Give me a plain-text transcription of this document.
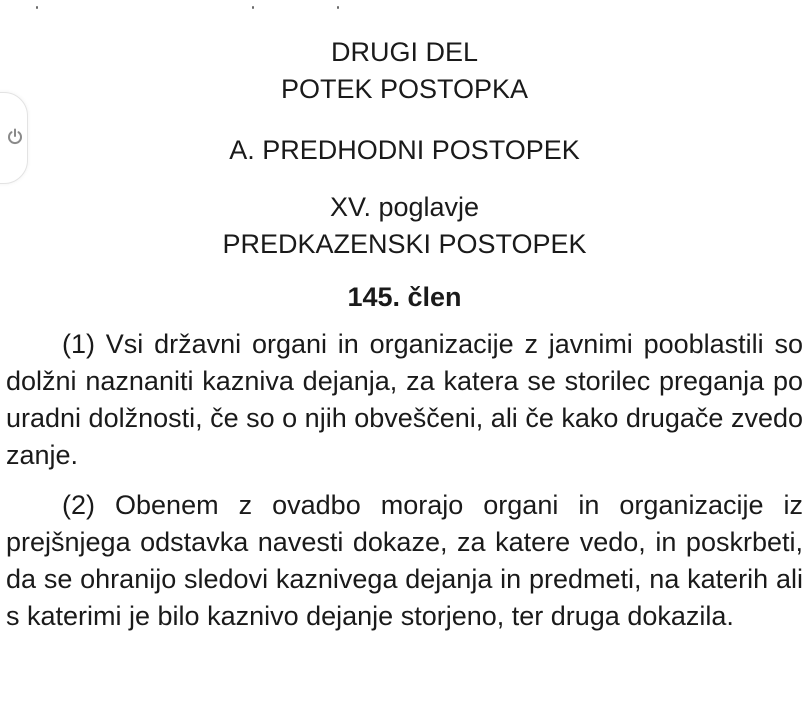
DRUGI DEL

POTEK POSTOPKA

A. PREDHODNI POSTOPEK

XV. poglavje

PREDKAZENSKI POSTOPEK

145. člen

(1) Vsi državni organi in organizacije z javnimi pooblastili so dolžni naznaniti kazniva dejanja, za katera se storilec preganja po uradni dolžnosti, če so o njih obveščeni, ali če kako drugače zvedo zanje.

(2) Obenem z ovadbo morajo organi in organizacije iz prejšnjega odstavka navesti dokaze, za katere vedo, in poskrbeti, da se ohranijo sledovi kaznivega dejanja in predmeti, na katerih ali s katerimi je bilo kaznivo dejanje storjeno, ter druga dokazila.
